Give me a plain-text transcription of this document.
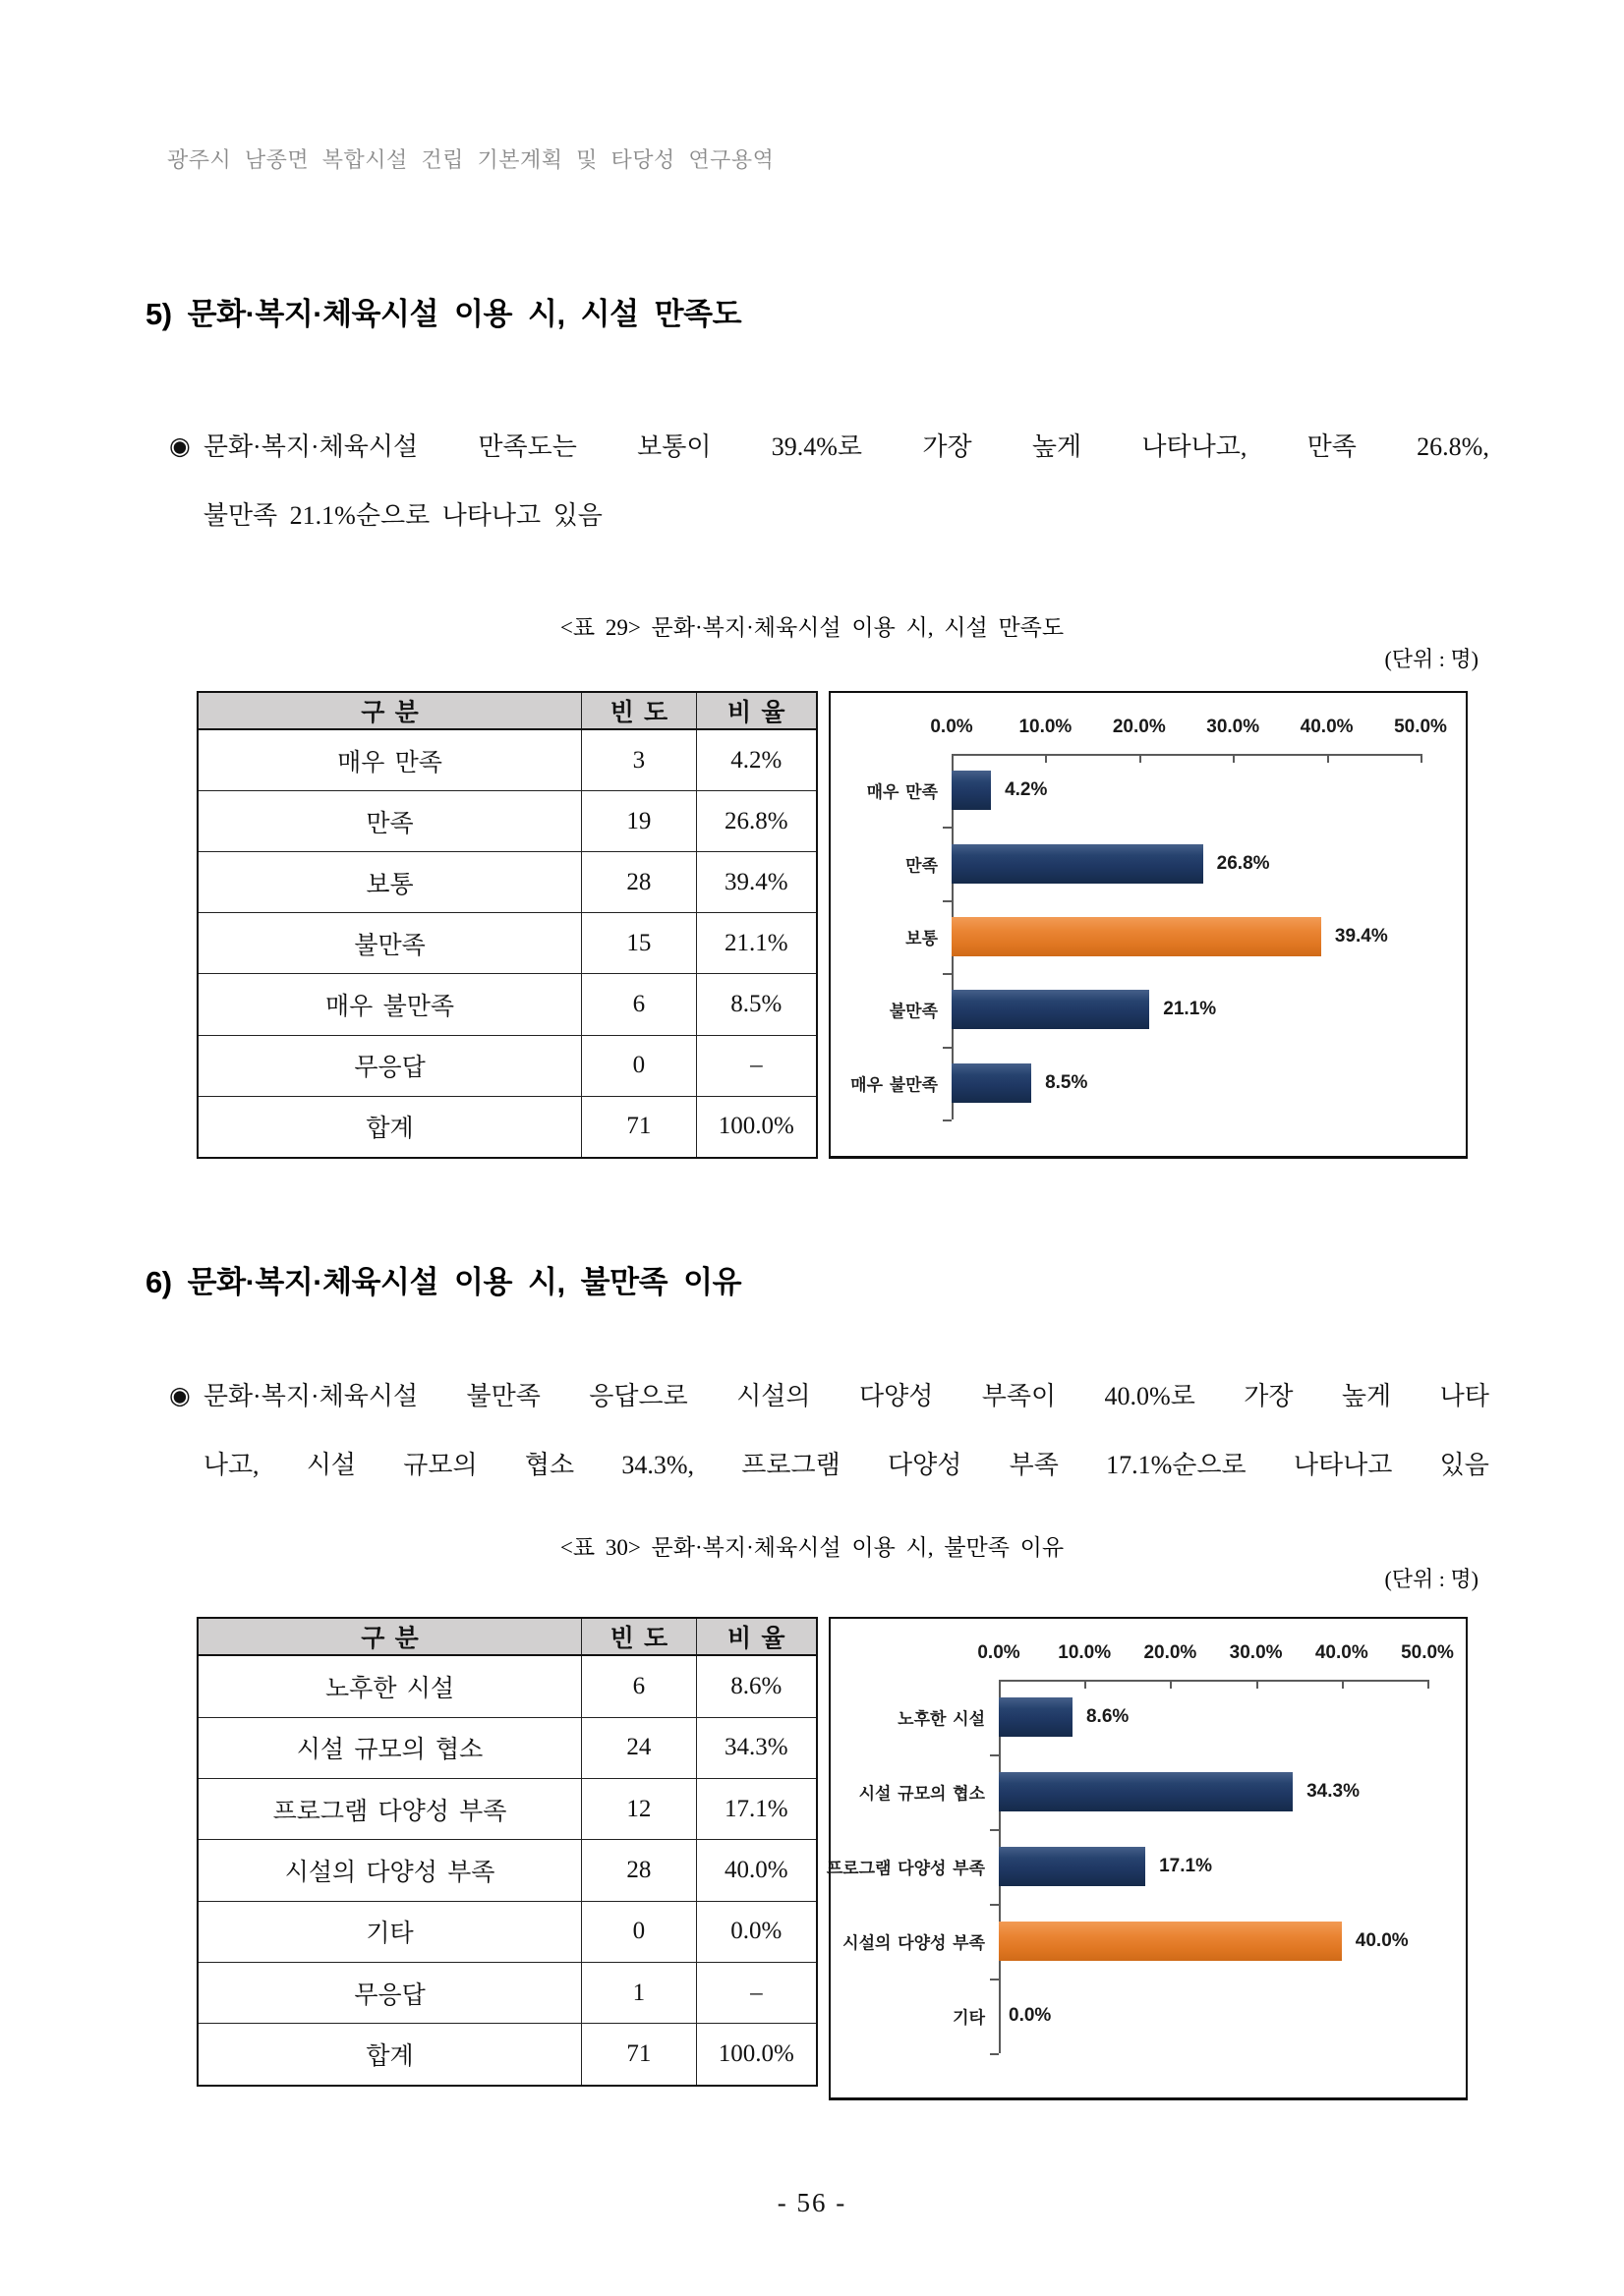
광주시 남종면 복합시설 건립 기본계획 및 타당성 연구용역
5) 문화·복지·체육시설 이용 시, 시설 만족도
◉ 문화·복지·체육시설 만족도는 보통이 39.4%로 가장 높게 나타나고, 만족 26.8%,
불만족 21.1%순으로 나타나고 있음
<표 29> 문화·복지·체육시설 이용 시, 시설 만족도
(단위 : 명)
구 분	빈 도	비 율
매우 만족	3	4.2%
만족	19	26.8%
보통	28	39.4%
불만족	15	21.1%
매우 불만족	6	8.5%
무응답	0	–
합계	71	100.0%
0.0% 10.0% 20.0% 30.0% 40.0% 50.0%
매우 만족	4.2%
만족	26.8%
보통	39.4%
불만족	21.1%
매우 불만족	8.5%
6) 문화·복지·체육시설 이용 시, 불만족 이유
◉ 문화·복지·체육시설 불만족 응답으로 시설의 다양성 부족이 40.0%로 가장 높게 나타
나고, 시설 규모의 협소 34.3%, 프로그램 다양성 부족 17.1%순으로 나타나고 있음
<표 30> 문화·복지·체육시설 이용 시, 불만족 이유
(단위 : 명)
구 분	빈 도	비 율
노후한 시설	6	8.6%
시설 규모의 협소	24	34.3%
프로그램 다양성 부족	12	17.1%
시설의 다양성 부족	28	40.0%
기타	0	0.0%
무응답	1	–
합계	71	100.0%
0.0% 10.0% 20.0% 30.0% 40.0% 50.0%
노후한 시설	8.6%
시설 규모의 협소	34.3%
프로그램 다양성 부족	17.1%
시설의 다양성 부족	40.0%
기타 0.0%
- 56 -
